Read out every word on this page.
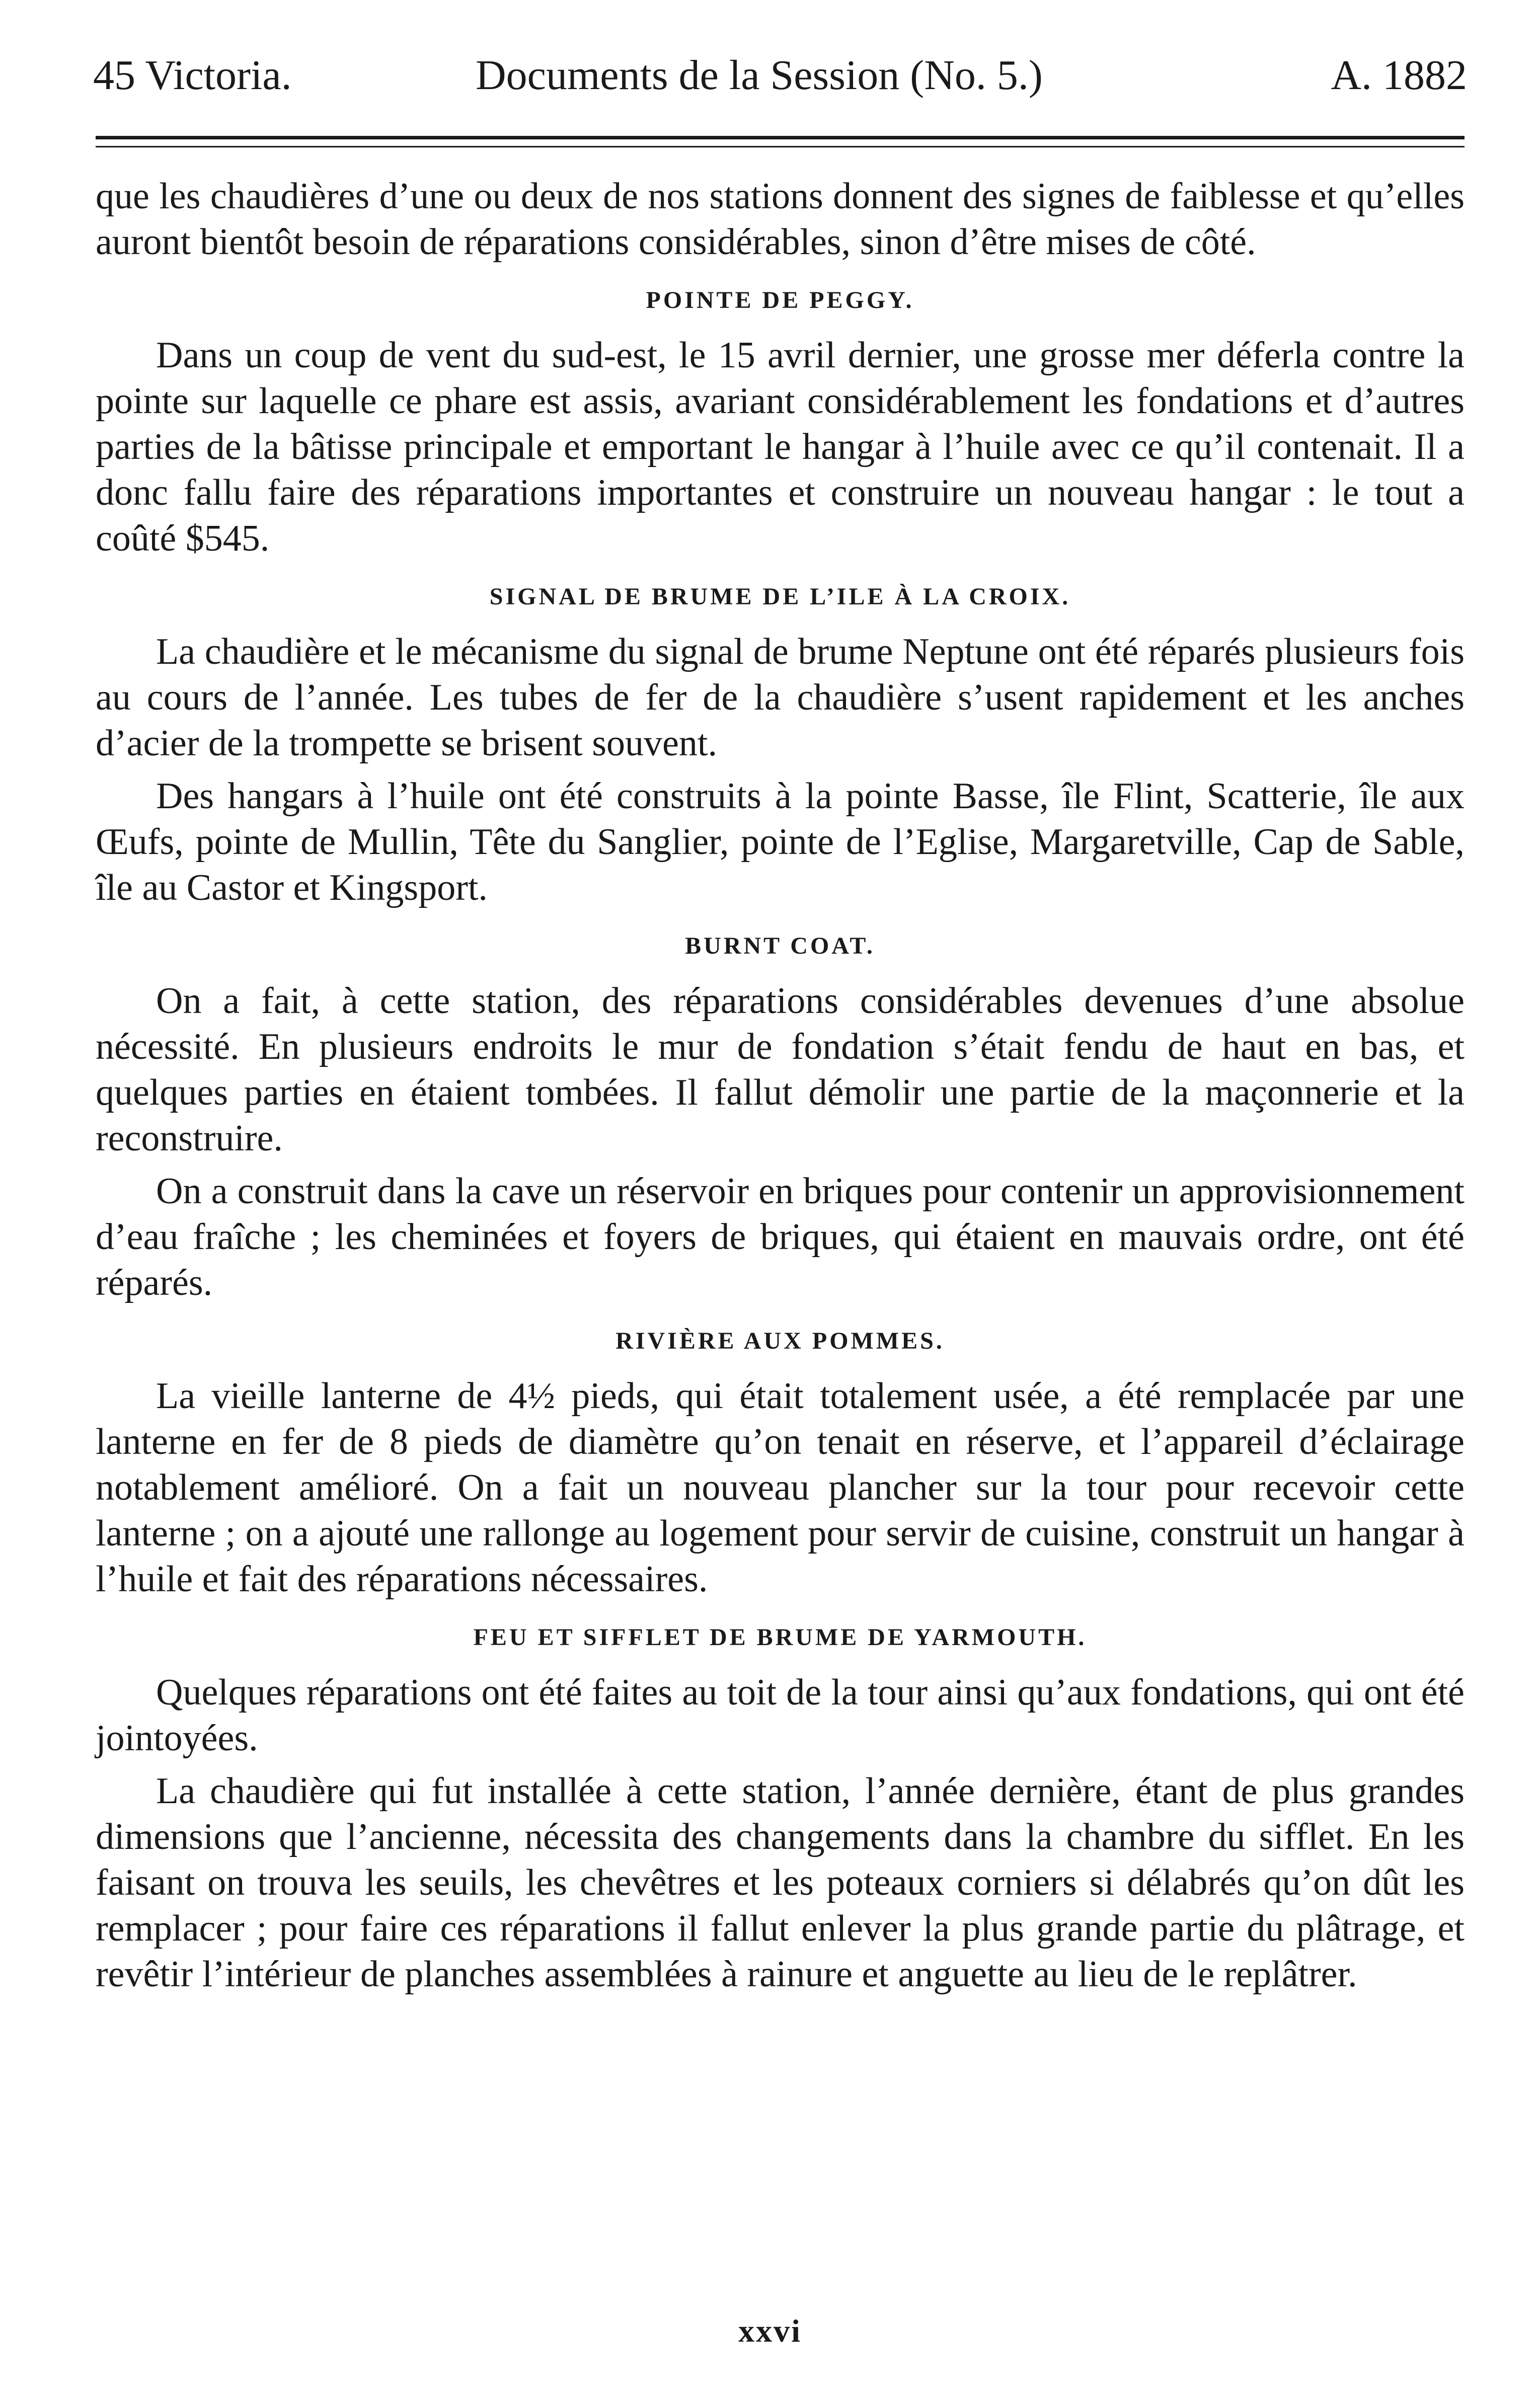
45 Victoria.	Documents de la Session (No. 5.)	A. 1882

que les chaudières d’une ou deux de nos stations donnent des signes de faiblesse et qu’elles auront bientôt besoin de réparations considérables, sinon d’être mises de côté.

POINTE DE PEGGY.

Dans un coup de vent du sud-est, le 15 avril dernier, une grosse mer déferla contre la pointe sur laquelle ce phare est assis, avariant considérablement les fondations et d’autres parties de la bâtisse principale et emportant le hangar à l’huile avec ce qu’il contenait. Il a donc fallu faire des réparations importantes et construire un nouveau hangar : le tout a coûté $545.

SIGNAL DE BRUME DE L’ILE À LA CROIX.

La chaudière et le mécanisme du signal de brume Neptune ont été réparés plusieurs fois au cours de l’année. Les tubes de fer de la chaudière s’usent rapidement et les anches d’acier de la trompette se brisent souvent.

Des hangars à l’huile ont été construits à la pointe Basse, île Flint, Scatterie, île aux Œufs, pointe de Mullin, Tête du Sanglier, pointe de l’Eglise, Margaretville, Cap de Sable, île au Castor et Kingsport.

BURNT COAT.

On a fait, à cette station, des réparations considérables devenues d’une absolue nécessité. En plusieurs endroits le mur de fondation s’était fendu de haut en bas, et quelques parties en étaient tombées. Il fallut démolir une partie de la maçonnerie et la reconstruire.

On a construit dans la cave un réservoir en briques pour contenir un approvisionnement d’eau fraîche ; les cheminées et foyers de briques, qui étaient en mauvais ordre, ont été réparés.

RIVIÈRE AUX POMMES.

La vieille lanterne de 4½ pieds, qui était totalement usée, a été remplacée par une lanterne en fer de 8 pieds de diamètre qu’on tenait en réserve, et l’appareil d’éclairage notablement amélioré. On a fait un nouveau plancher sur la tour pour recevoir cette lanterne ; on a ajouté une rallonge au logement pour servir de cuisine, construit un hangar à l’huile et fait des réparations nécessaires.

FEU ET SIFFLET DE BRUME DE YARMOUTH.

Quelques réparations ont été faites au toit de la tour ainsi qu’aux fondations, qui ont été jointoyées.

La chaudière qui fut installée à cette station, l’année dernière, étant de plus grandes dimensions que l’ancienne, nécessita des changements dans la chambre du sifflet. En les faisant on trouva les seuils, les chevêtres et les poteaux corniers si délabrés qu’on dût les remplacer ; pour faire ces réparations il fallut enlever la plus grande partie du plâtrage, et revêtir l’intérieur de planches assemblées à rainure et anguette au lieu de le replâtrer.

xxvi
